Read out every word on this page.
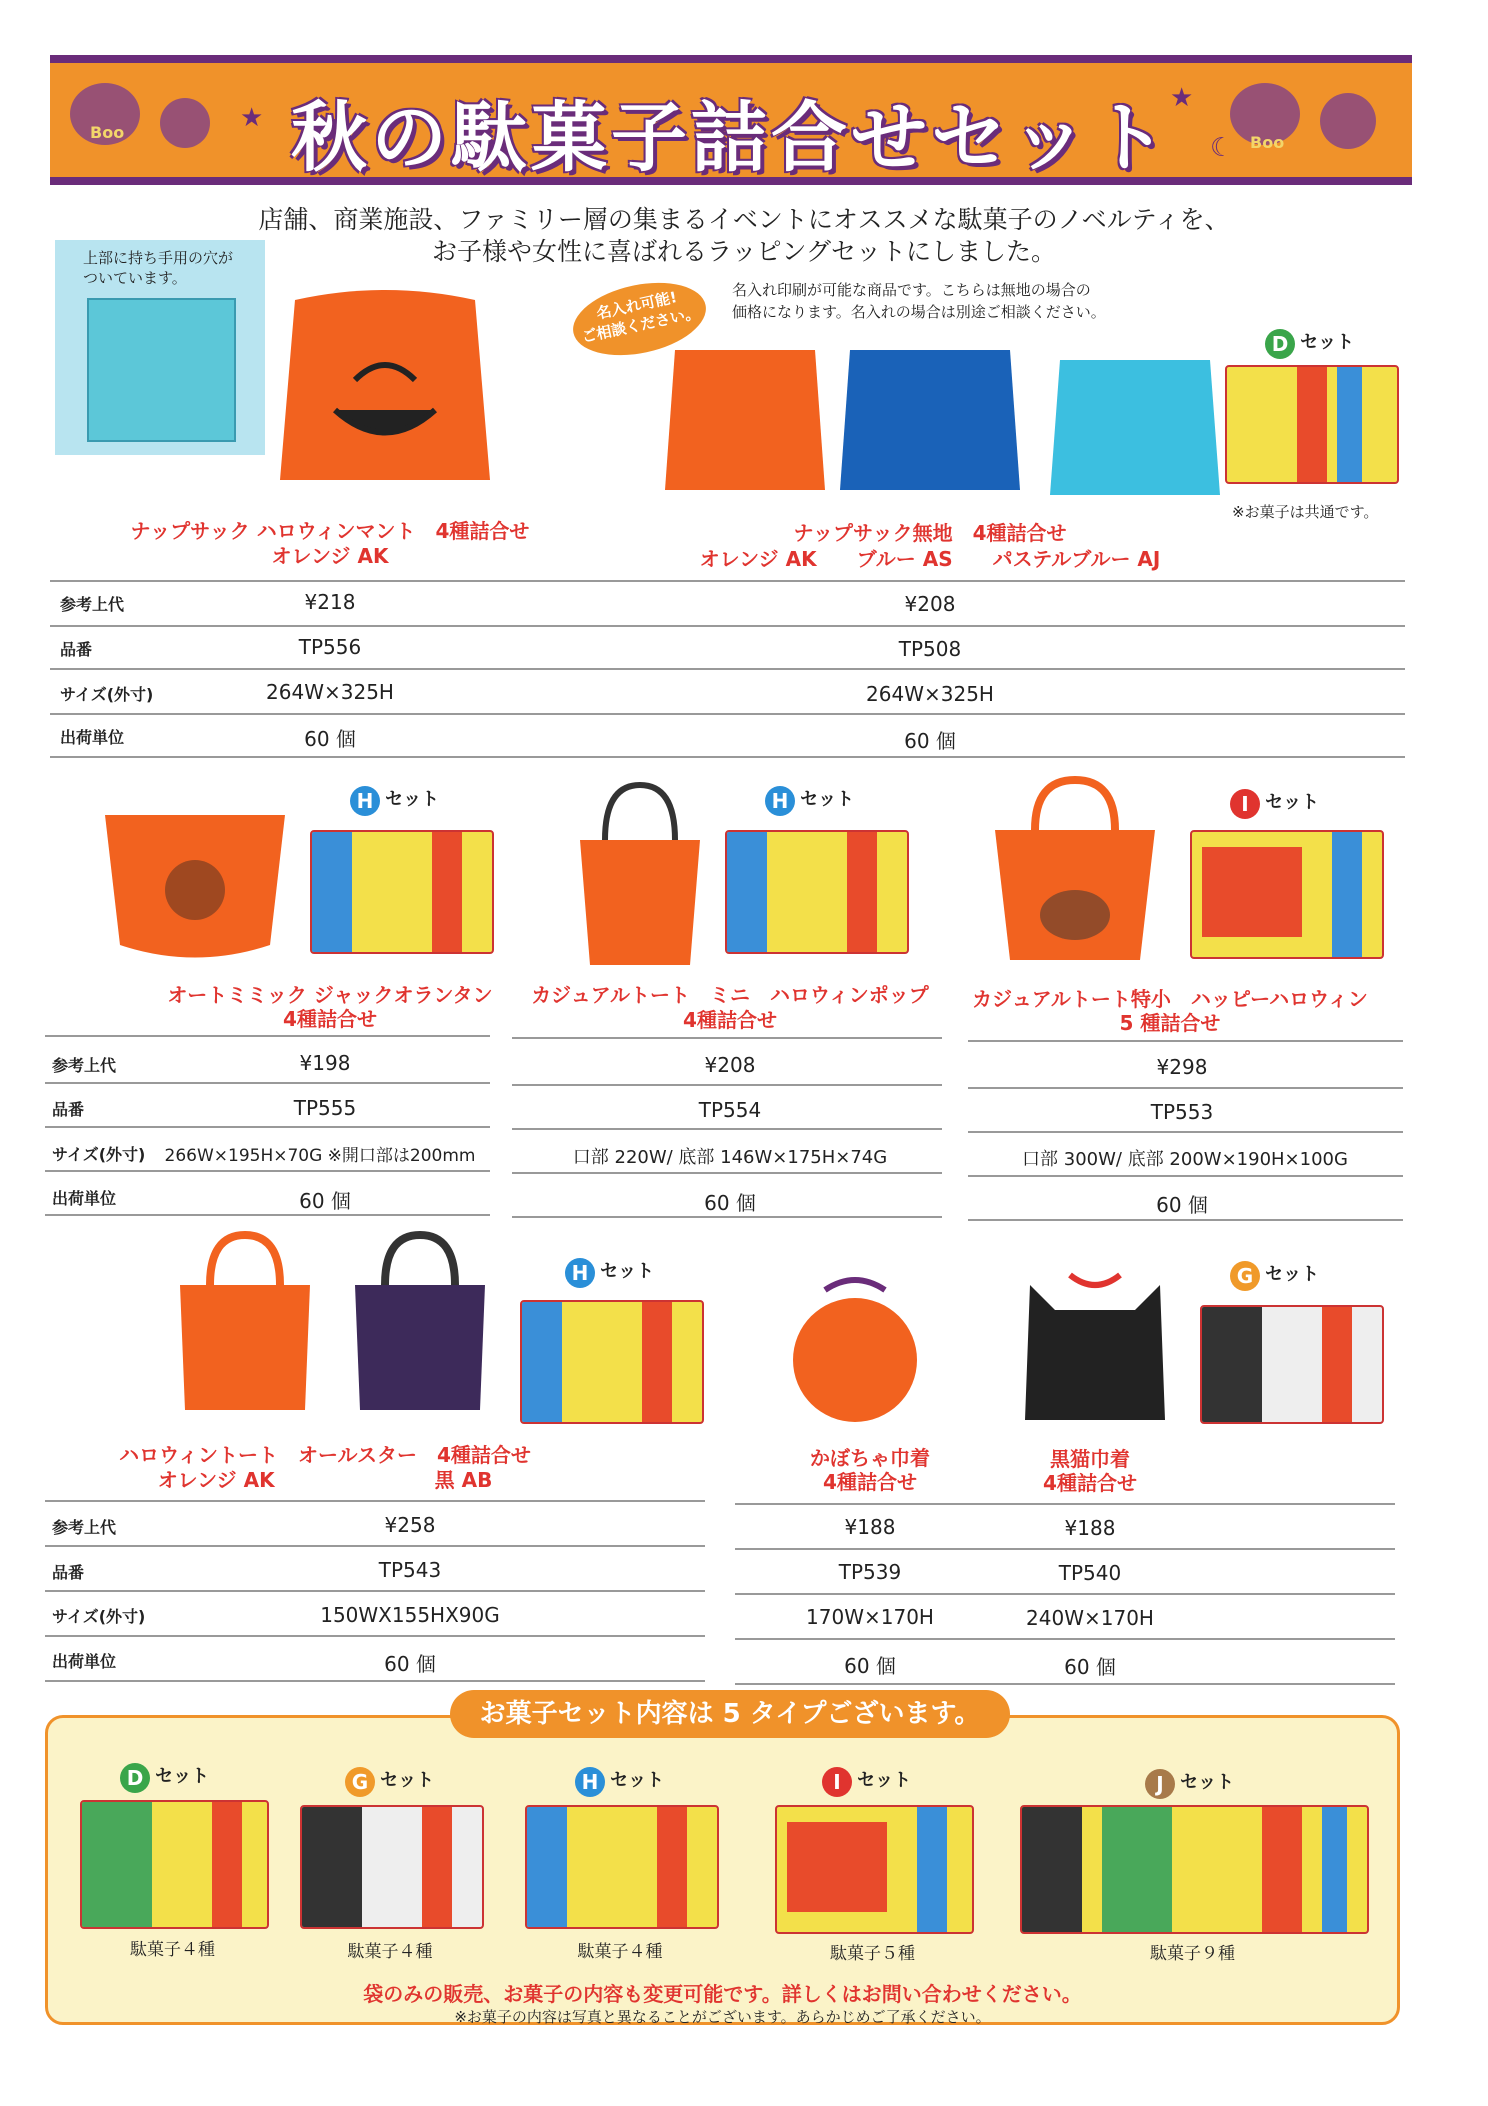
★
★
☾
Boo
Boo
秋の駄菓子詰合せセット
店舗、商業施設、ファミリー層の集まるイベントにオススメな駄菓子のノベルティを、
お子様や女性に喜ばれるラッピングセットにしました。
上部に持ち手用の穴が
ついています。
名入れ可能!
ご相談ください。
名入れ印刷が可能な商品です。こちらは無地の場合の
価格になります。名入れの場合は別途ご相談ください。
D セット
※お菓子は共通です。
ナップサック ハロウィンマント　4種詰合せ
オレンジ AK
ナップサック無地　4種詰合せ
オレンジ AK　　ブルー AS　　パステルブルー AJ
参考上代	¥218	¥208
品番	TP556	TP508
サイズ(外寸)	264W×325H	264W×325H
出荷単位	60 個	60 個
H セット	H セット	I セット
オートミミック ジャックオランタン
4種詰合せ
カジュアルトート　ミニ　ハロウィンポップ
4種詰合せ
カジュアルトート特小　ハッピーハロウィン
5 種詰合せ
参考上代	¥198	¥208	¥298
品番	TP555	TP554	TP553
サイズ(外寸)	266W×195H×70G ※開口部は200mm	口部 220W/ 底部 146W×175H×74G	口部 300W/ 底部 200W×190H×100G
出荷単位	60 個	60 個	60 個
H セット	G セット
ハロウィントート　オールスター　4種詰合せ
オレンジ AK　　　　　　　　黒 AB
かぼちゃ巾着
4種詰合せ
黒猫巾着
4種詰合せ
参考上代	¥258	¥188	¥188
品番	TP543	TP539	TP540
サイズ(外寸)	150WX155HX90G	170W×170H	240W×170H
出荷単位	60 個	60 個	60 個
お菓子セット内容は 5 タイプございます。
D セット
駄菓子４種
G セット
駄菓子４種
H セット
駄菓子４種
I セット
駄菓子５種
J セット
駄菓子９種
袋のみの販売、お菓子の内容も変更可能です。詳しくはお問い合わせください。
※お菓子の内容は写真と異なることがございます。あらかじめご了承ください。
